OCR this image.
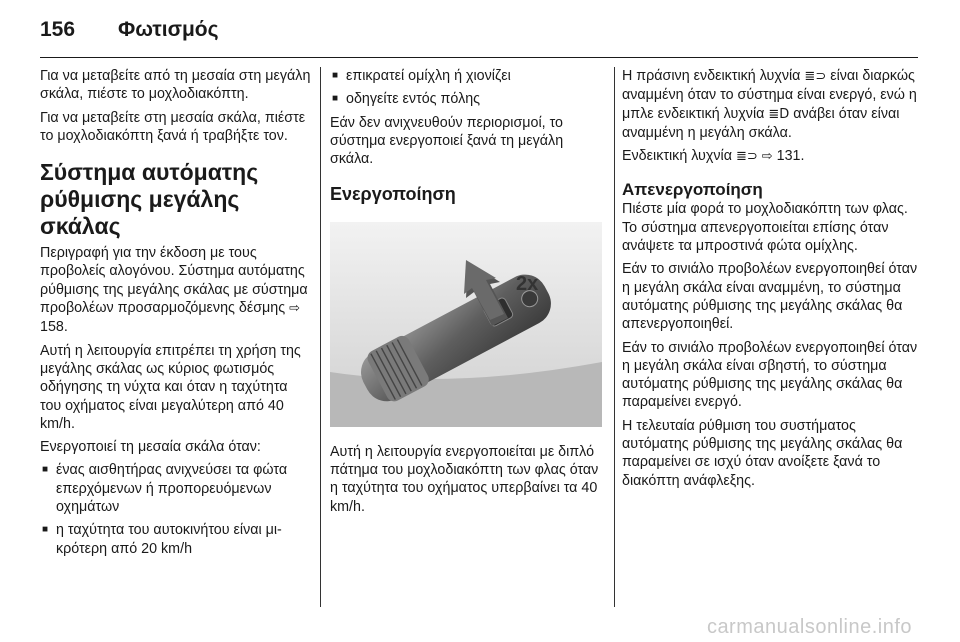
156 Φωτισμός

Για να μεταβείτε από τη μεσαία στη μεγάλη σκάλα, πιέστε το μοχλοδιακόπτη.

Για να μεταβείτε στη μεσαία σκάλα, πιέστε το μοχλοδιακόπτη ξανά ή τραβήξτε τον.

Σύστημα αυτόματης ρύθμισης μεγάλης σκάλας

Περιγραφή για την έκδοση με τους προβολείς αλογόνου. Σύστημα αυτόματης ρύθμισης της μεγάλης σκάλας με σύστημα προβολέων προσαρμοζόμενης δέσμης ⇨ 158.

Αυτή η λειτουργία επιτρέπει τη χρήση της μεγάλης σκάλας ως κύριος φωτισμός οδήγησης τη νύχτα και όταν η ταχύτητα του οχήματος είναι μεγαλύτερη από 40 km/h.

Ενεργοποιεί τη μεσαία σκάλα όταν:

■ ένας αισθητήρας ανιχνεύσει τα φώτα επερχόμενων ή προπορευόμενων οχημάτων
■ η ταχύτητα του αυτοκινήτου είναι μικρότερη από 20 km/h
■ επικρατεί ομίχλη ή χιονίζει
■ οδηγείτε εντός πόλης

Εάν δεν ανιχνευθούν περιορισμοί, το σύστημα ενεργοποιεί ξανά τη μεγάλη σκάλα.

Ενεργοποίηση
2x

Αυτή η λειτουργία ενεργοποιείται με διπλό πάτημα του μοχλοδιακόπτη των φλας όταν η ταχύτητα του οχήματος υπερβαίνει τα 40 km/h.

Η πράσινη ενδεικτική λυχνία ≣⊃ είναι διαρκώς αναμμένη όταν το σύστημα είναι ενεργό, ενώ η μπλε ενδεικτική λυχνία ≣D ανάβει όταν είναι αναμμένη η μεγάλη σκάλα.

Ενδεικτική λυχνία ≣⊃ ⇨ 131.

Απενεργοποίηση

Πιέστε μία φορά το μοχλοδιακόπτη των φλας. Το σύστημα απενεργοποιείται επίσης όταν ανάψετε τα μπροστινά φώτα ομίχλης.

Εάν το σινιάλο προβολέων ενεργοποιηθεί όταν η μεγάλη σκάλα είναι αναμμένη, το σύστημα αυτόματης ρύθμισης της μεγάλης σκάλας θα απενεργοποιηθεί.

Εάν το σινιάλο προβολέων ενεργοποιηθεί όταν η μεγάλη σκάλα είναι σβηστή, το σύστημα αυτόματης ρύθμισης της μεγάλης σκάλας θα παραμείνει ενεργό.

Η τελευταία ρύθμιση του συστήματος αυτόματης ρύθμισης της μεγάλης σκάλας θα παραμείνει σε ισχύ όταν ανοίξετε ξανά το διακόπτη ανάφλεξης.

carmanualsonline.info
